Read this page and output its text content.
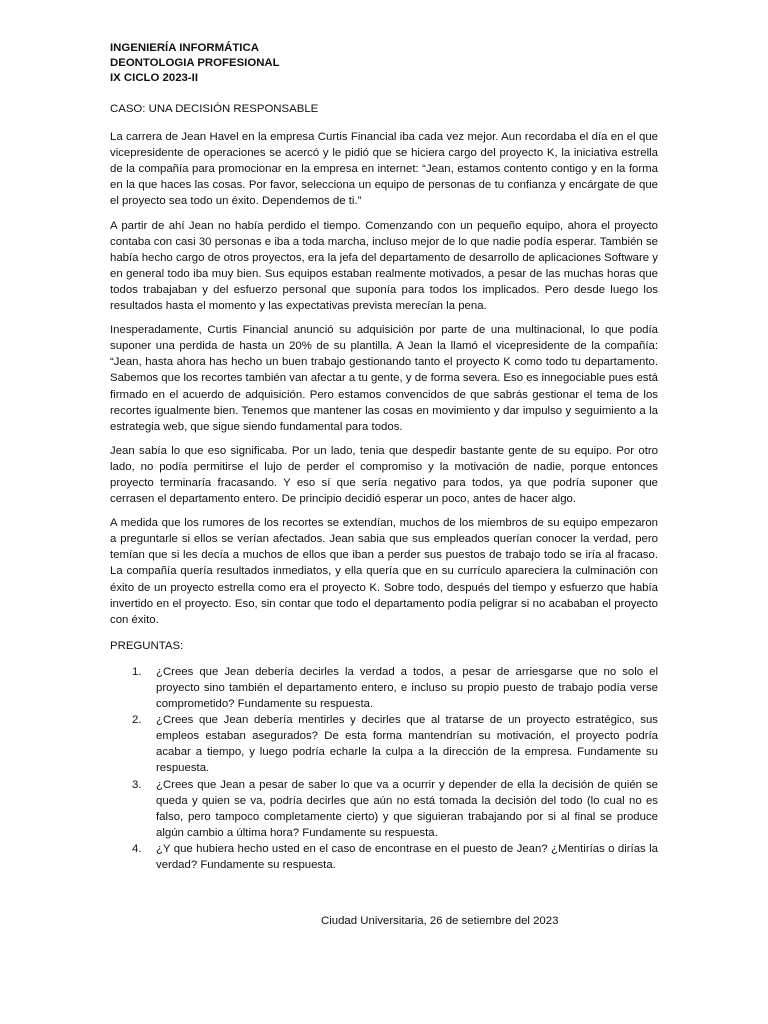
INGENIERÍA INFORMÁTICA

DEONTOLOGIA PROFESIONAL

IX CICLO 2023-II

CASO: UNA DECISIÓN RESPONSABLE

La carrera de Jean Havel en la empresa Curtis Financial iba cada vez mejor. Aun recordaba el día en el que vicepresidente de operaciones se acercó y le pidió que se hiciera cargo del proyecto K, la iniciativa estrella de la compañía para promocionar en la empresa en internet: “Jean, estamos contento contigo y en la forma en la que haces las cosas. Por favor, selecciona un equipo de personas de tu confianza y encárgate de que el proyecto sea todo un éxito. Dependemos de ti.”

A partir de ahí Jean no había perdido el tiempo. Comenzando con un pequeño equipo, ahora el proyecto contaba con casi 30 personas e iba a toda marcha, incluso mejor de lo que nadie podía esperar. También se había hecho cargo de otros proyectos, era la jefa del departamento de desarrollo de aplicaciones Software y en general todo iba muy bien. Sus equipos estaban realmente motivados, a pesar de las muchas horas que todos trabajaban y del esfuerzo personal que suponía para todos los implicados. Pero desde luego los resultados hasta el momento y las expectativas prevista merecían la pena.

Inesperadamente, Curtis Financial anunció su adquisición por parte de una multinacional, lo que podía suponer una perdida de hasta un 20% de su plantilla. A Jean la llamó el vicepresidente de la compañía: “Jean, hasta ahora has hecho un buen trabajo gestionando tanto el proyecto K como todo tu departamento. Sabemos que los recortes también van afectar a tu gente, y de forma severa. Eso es innegociable pues está firmado en el acuerdo de adquisición. Pero estamos convencidos de que sabrás gestionar el tema de los recortes igualmente bien. Tenemos que mantener las cosas en movimiento y dar impulso y seguimiento a la estrategia web, que sigue siendo fundamental para todos.

Jean sabía lo que eso significaba. Por un lado, tenia que despedir bastante gente de su equipo. Por otro lado, no podía permitirse el lujo de perder el compromiso y la motivación de nadie, porque entonces proyecto terminaría fracasando. Y eso sí que sería negativo para todos, ya que podría suponer que cerrasen el departamento entero. De principio decidió esperar un poco, antes de hacer algo.

A medida que los rumores de los recortes se extendían, muchos de los miembros de su equipo empezaron a preguntarle si ellos se verían afectados. Jean sabia que sus empleados querían conocer la verdad, pero temían que si les decía a muchos de ellos que iban a perder sus puestos de trabajo todo se iría al fracaso. La compañía quería resultados inmediatos, y ella quería que en su currículo apareciera la culminación con éxito de un proyecto estrella como era el proyecto K. Sobre todo, después del tiempo y esfuerzo que había invertido en el proyecto. Eso, sin contar que todo el departamento podía peligrar si no acababan el proyecto con éxito.

PREGUNTAS:
1. ¿Crees que Jean debería decirles la verdad a todos, a pesar de arriesgarse que no solo el proyecto sino también el departamento entero, e incluso su propio puesto de trabajo podía verse comprometido? Fundamente su respuesta.
2. ¿Crees que Jean debería mentirles y decirles que al tratarse de un proyecto estratégico, sus empleos estaban asegurados? De esta forma mantendrían su motivación, el proyecto podría acabar a tiempo, y luego podría echarle la culpa a la dirección de la empresa. Fundamente su respuesta.
3. ¿Crees que Jean a pesar de saber lo que va a ocurrir y depender de ella la decisión de quién se queda y quien se va, podría decirles que aún no está tomada la decisión del todo (lo cual no es falso, pero tampoco completamente cierto) y que siguieran trabajando por si al final se produce algún cambio a última hora? Fundamente su respuesta.
4. ¿Y que hubiera hecho usted en el caso de encontrase en el puesto de Jean? ¿Mentirías o dirías la verdad? Fundamente su respuesta.
Ciudad Universitaria, 26 de setiembre del 2023
